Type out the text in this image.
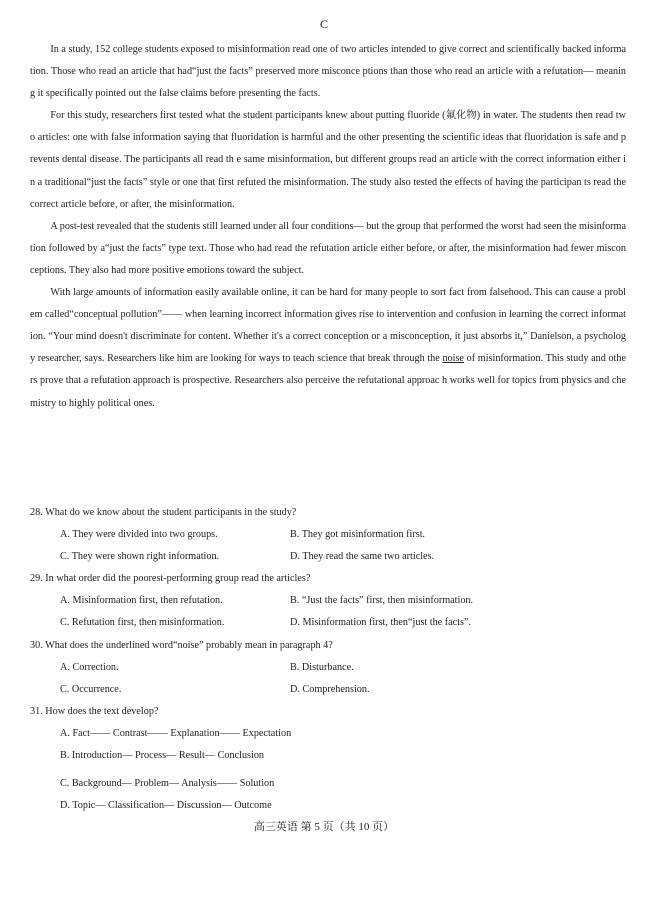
C

In a study, 152 college students exposed to misinformation read one of two articles intended to give correct and scientifically backed information. Those who read an article that had“just the facts” preserved more misconce ptions than those who read an article with a refutation— meaning it specifically pointed out the false claims before presenting the facts.

For this study, researchers first tested what the student participants knew about putting fluoride (氟化物) in water. The students then read two articles: one with false information saying that fluoridation is harmful and the other presenting the scientific ideas that fluoridation is safe and prevents dental disease. The participants all read th e same misinformation, but different groups read an article with the correct information either in a traditional“just the facts” style or one that first refuted the misinformation. The study also tested the effects of having the participan ts read the correct article before, or after, the misinformation.

A post-test revealed that the students still learned under all four conditions— but the group that performed the worst had seen the misinformation followed by a“just the facts” type text. Those who had read the refutation article either before, or after, the misinformation had fewer misconceptions. They also had more positive emotions toward the subject.

With large amounts of information easily available online, it can be hard for many people to sort fact from falsehood. This can cause a problem called“conceptual pollution”—— when learning incorrect information gives rise to intervention and confusion in learning the correct information. “Your mind doesn't discriminate for content. Whether it's a correct conception or a misconception, it just absorbs it,” Danielson, a psychology researcher, says. Researchers like him are looking for ways to teach science that break through the noise of misinformation. This study and others prove that a refutation approach is prospective. Researchers also perceive the refutational approac h works well for topics from physics and chemistry to highly political ones.

28. What do we know about the student participants in the study?

A. They were divided into two groups.	B. They got misinformation first.
C. They were shown right information.	D. They read the same two articles.

29. In what order did the poorest-performing group read the articles?

A. Misinformation first, then refutation.	B. “Just the facts” first, then misinformation.
C. Refutation first, then misinformation.	D. Misinformation first, then“just the facts”.

30. What does the underlined word“noise” probably mean in paragraph 4?

A. Correction.	B. Disturbance.
C. Occurrence.	D. Comprehension.

31. How does the text develop?

A. Fact—— Contrast—— Explanation—— Expectation
B. Introduction— Process— Result— Conclusion
C. Background— Problem— Analysis—— Solution
D. Topic— Classification— Discussion— Outcome
高三英语 第 5 页（共 10 页）
